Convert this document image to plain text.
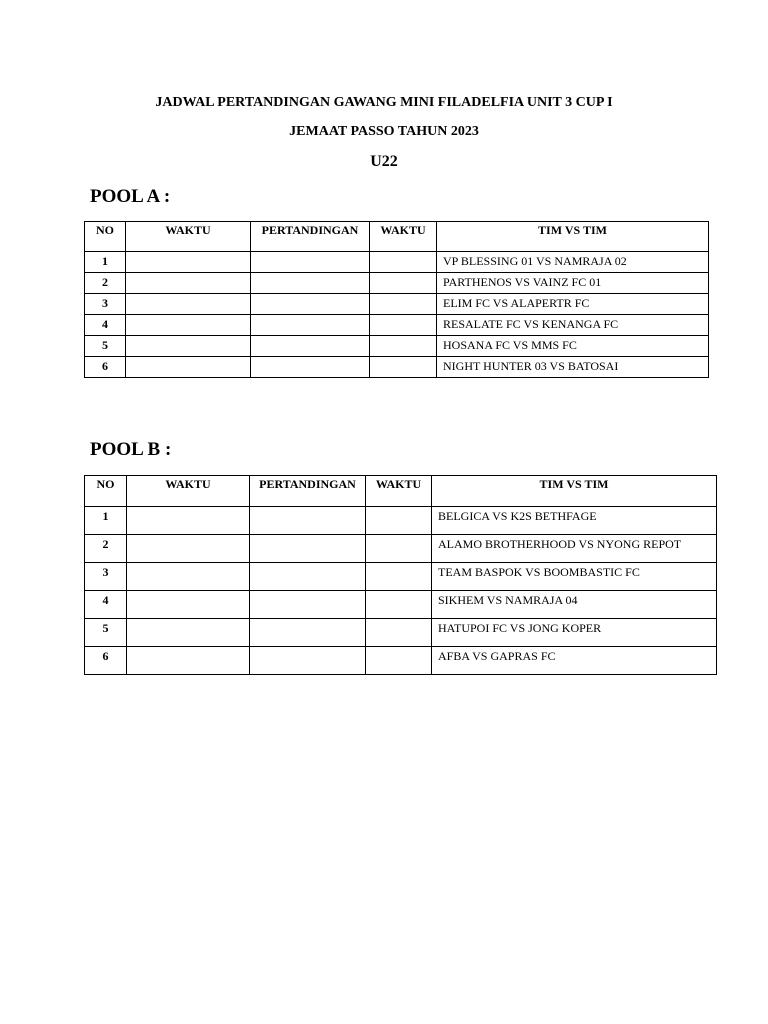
JADWAL PERTANDINGAN GAWANG MINI FILADELFIA UNIT 3 CUP I
JEMAAT PASSO TAHUN 2023
U22
POOL A :
NO	WAKTU	PERTANDINGAN	WAKTU	TIM VS TIM
1				VP BLESSING 01 VS NAMRAJA 02
2				PARTHENOS VS VAINZ FC 01
3				ELIM FC VS ALAPERTR FC
4				RESALATE FC VS KENANGA FC
5				HOSANA FC VS MMS FC
6				NIGHT HUNTER 03 VS BATOSAI
POOL B :
NO	WAKTU	PERTANDINGAN	WAKTU	TIM VS TIM
1				BELGICA VS K2S BETHFAGE
2				ALAMO BROTHERHOOD VS NYONG REPOT
3				TEAM BASPOK VS BOOMBASTIC FC
4				SIKHEM VS NAMRAJA 04
5				HATUPOI FC VS JONG KOPER
6				AFBA VS GAPRAS FC
